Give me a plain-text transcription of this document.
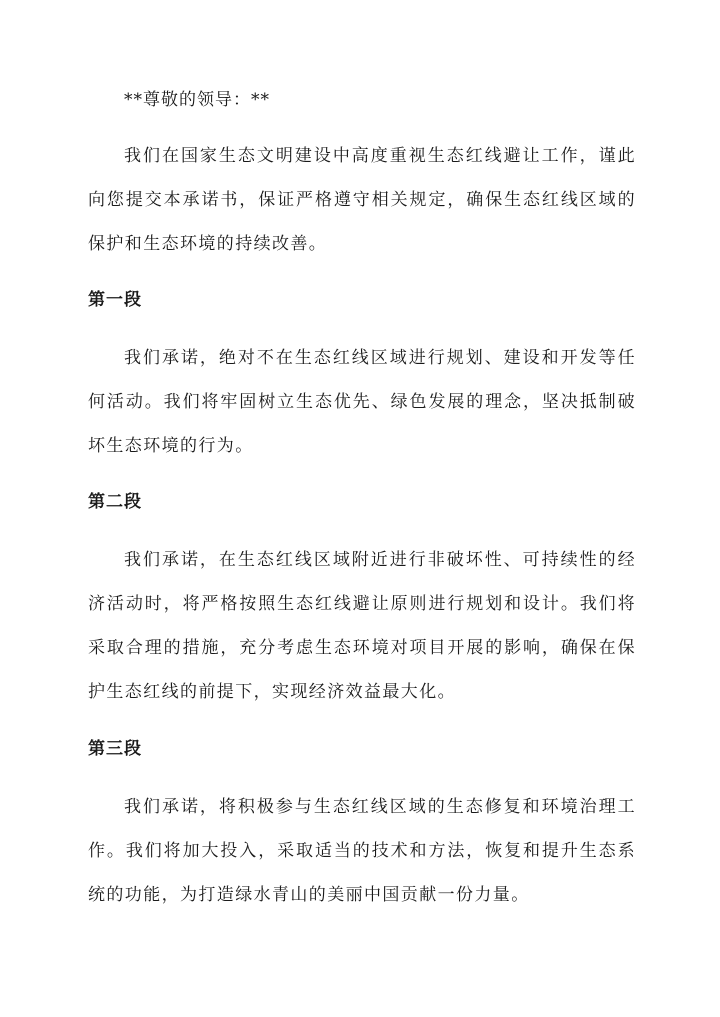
**尊敬的领导：**

我们在国家生态文明建设中高度重视生态红线避让工作，谨此向您提交本承诺书，保证严格遵守相关规定，确保生态红线区域的保护和生态环境的持续改善。

第一段

我们承诺，绝对不在生态红线区域进行规划、建设和开发等任何活动。我们将牢固树立生态优先、绿色发展的理念，坚决抵制破坏生态环境的行为。

第二段

我们承诺，在生态红线区域附近进行非破坏性、可持续性的经济活动时，将严格按照生态红线避让原则进行规划和设计。我们将采取合理的措施，充分考虑生态环境对项目开展的影响，确保在保护生态红线的前提下，实现经济效益最大化。

第三段

我们承诺，将积极参与生态红线区域的生态修复和环境治理工作。我们将加大投入，采取适当的技术和方法，恢复和提升生态系统的功能，为打造绿水青山的美丽中国贡献一份力量。
